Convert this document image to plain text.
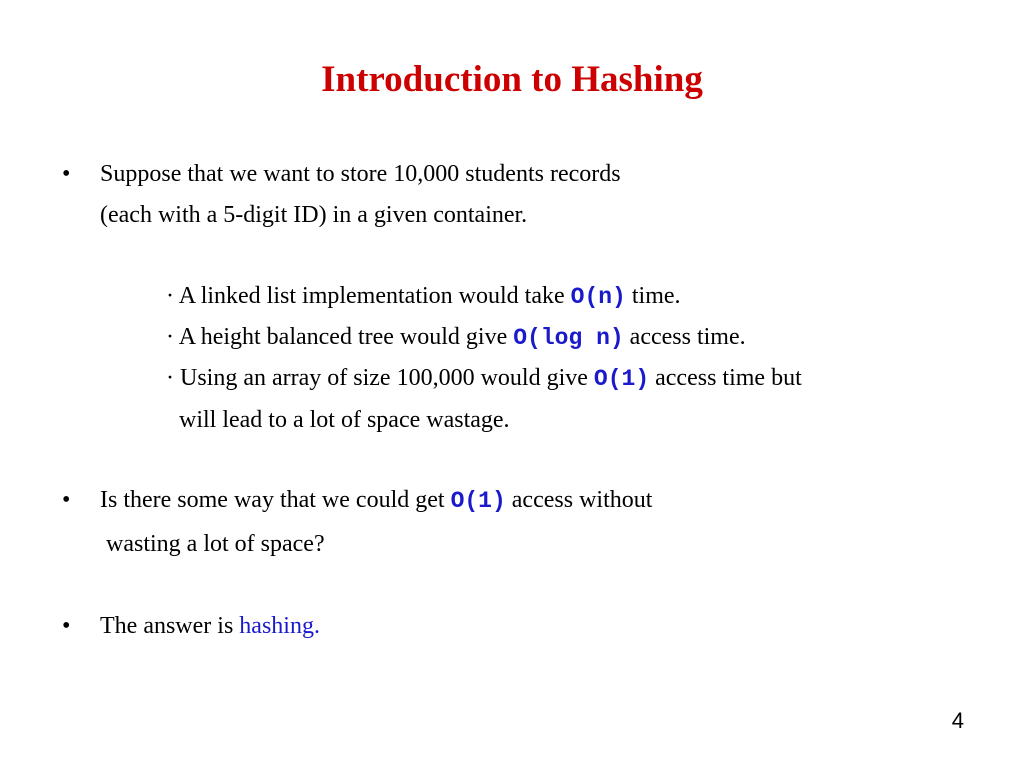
Introduction to Hashing
• Suppose that we want to store 10,000 students records
(each with a 5-digit ID) in a given container.
· A linked list implementation would take O(n) time.
· A height balanced tree would give O(log n) access time.
· Using an array of size 100,000 would give O(1) access time but
will lead to a lot of space wastage.
• Is there some way that we could get O(1) access without
wasting a lot of space?
• The answer is hashing.
4
